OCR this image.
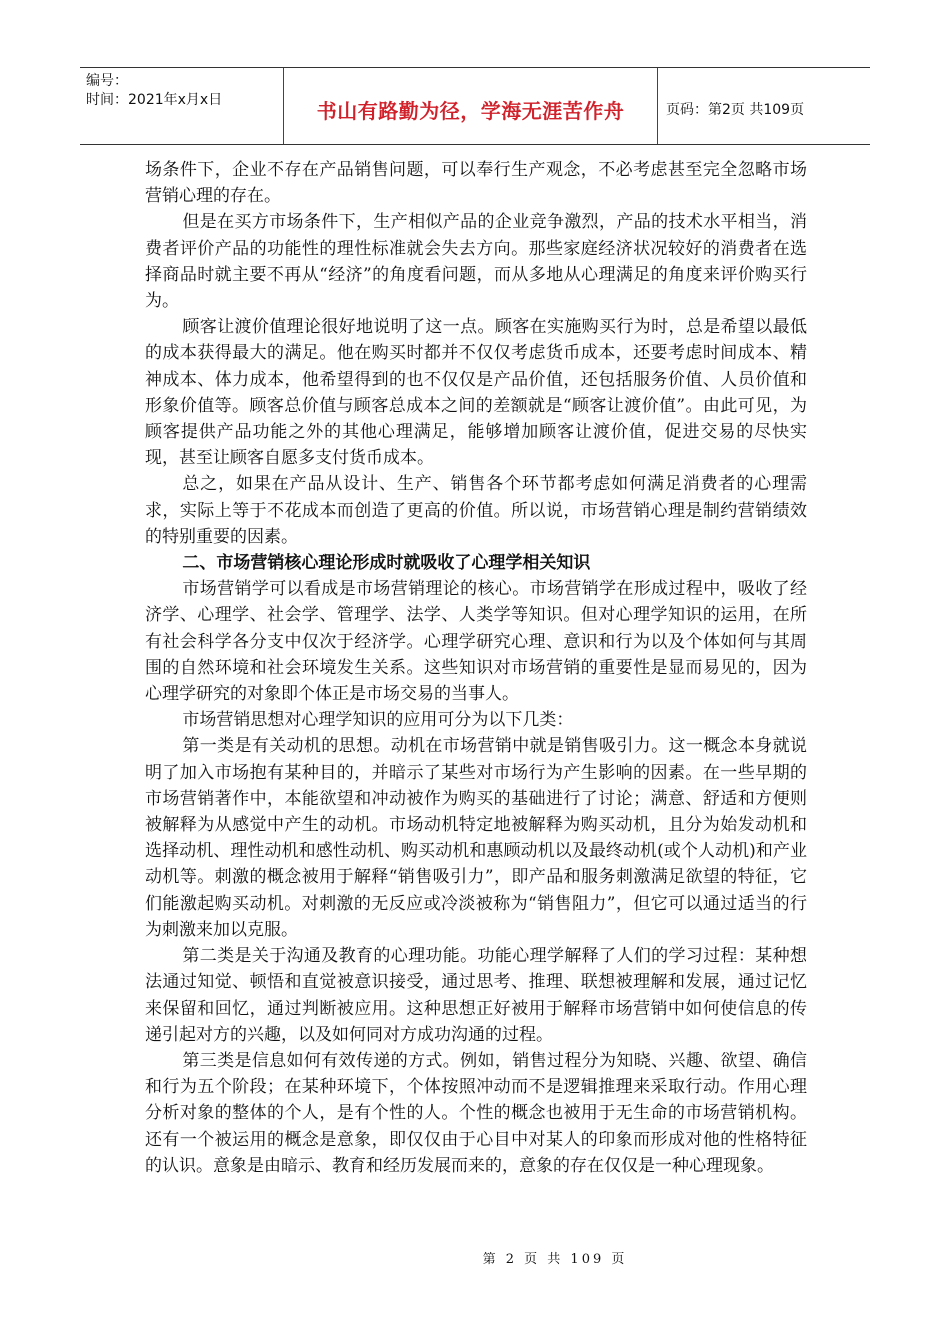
编号：
时间：2021年x月x日	书山有路勤为径，学海无涯苦作舟	页码：第2页 共109页

场条件下，企业不存在产品销售问题，可以奉行生产观念，不必考虑甚至完全忽略市场营销心理的存在。

但是在买方市场条件下，生产相似产品的企业竞争激烈，产品的技术水平相当，消费者评价产品的功能性的理性标准就会失去方向。那些家庭经济状况较好的消费者在选择商品时就主要不再从“经济”的角度看问题，而从多地从心理满足的角度来评价购买行为。

顾客让渡价值理论很好地说明了这一点。顾客在实施购买行为时，总是希望以最低的成本获得最大的满足。他在购买时都并不仅仅考虑货币成本，还要考虑时间成本、精神成本、体力成本，他希望得到的也不仅仅是产品价值，还包括服务价值、人员价值和形象价值等。顾客总价值与顾客总成本之间的差额就是“顾客让渡价值”。由此可见，为顾客提供产品功能之外的其他心理满足，能够增加顾客让渡价值，促进交易的尽快实现，甚至让顾客自愿多支付货币成本。

总之，如果在产品从设计、生产、销售各个环节都考虑如何满足消费者的心理需求，实际上等于不花成本而创造了更高的价值。所以说，市场营销心理是制约营销绩效的特别重要的因素。

二、市场营销核心理论形成时就吸收了心理学相关知识

市场营销学可以看成是市场营销理论的核心。市场营销学在形成过程中，吸收了经济学、心理学、社会学、管理学、法学、人类学等知识。但对心理学知识的运用，在所有社会科学各分支中仅次于经济学。心理学研究心理、意识和行为以及个体如何与其周围的自然环境和社会环境发生关系。这些知识对市场营销的重要性是显而易见的，因为心理学研究的对象即个体正是市场交易的当事人。

市场营销思想对心理学知识的应用可分为以下几类：

第一类是有关动机的思想。动机在市场营销中就是销售吸引力。这一概念本身就说明了加入市场抱有某种目的，并暗示了某些对市场行为产生影响的因素。在一些早期的市场营销著作中，本能欲望和冲动被作为购买的基础进行了讨论；满意、舒适和方便则被解释为从感觉中产生的动机。市场动机特定地被解释为购买动机，且分为始发动机和选择动机、理性动机和感性动机、购买动机和惠顾动机以及最终动机(或个人动机)和产业动机等。刺激的概念被用于解释“销售吸引力”，即产品和服务刺激满足欲望的特征，它们能激起购买动机。对刺激的无反应或冷淡被称为“销售阻力”，但它可以通过适当的行为刺激来加以克服。

第二类是关于沟通及教育的心理功能。功能心理学解释了人们的学习过程：某种想法通过知觉、顿悟和直觉被意识接受，通过思考、推理、联想被理解和发展，通过记忆来保留和回忆，通过判断被应用。这种思想正好被用于解释市场营销中如何使信息的传递引起对方的兴趣，以及如何同对方成功沟通的过程。

第三类是信息如何有效传递的方式。例如，销售过程分为知晓、兴趣、欲望、确信和行为五个阶段；在某种环境下，个体按照冲动而不是逻辑推理来采取行动。作用心理分析对象的整体的个人，是有个性的人。个性的概念也被用于无生命的市场营销机构。还有一个被运用的概念是意象，即仅仅由于心目中对某人的印象而形成对他的性格特征的认识。意象是由暗示、教育和经历发展而来的，意象的存在仅仅是一种心理现象。

第 2 页 共 109 页
